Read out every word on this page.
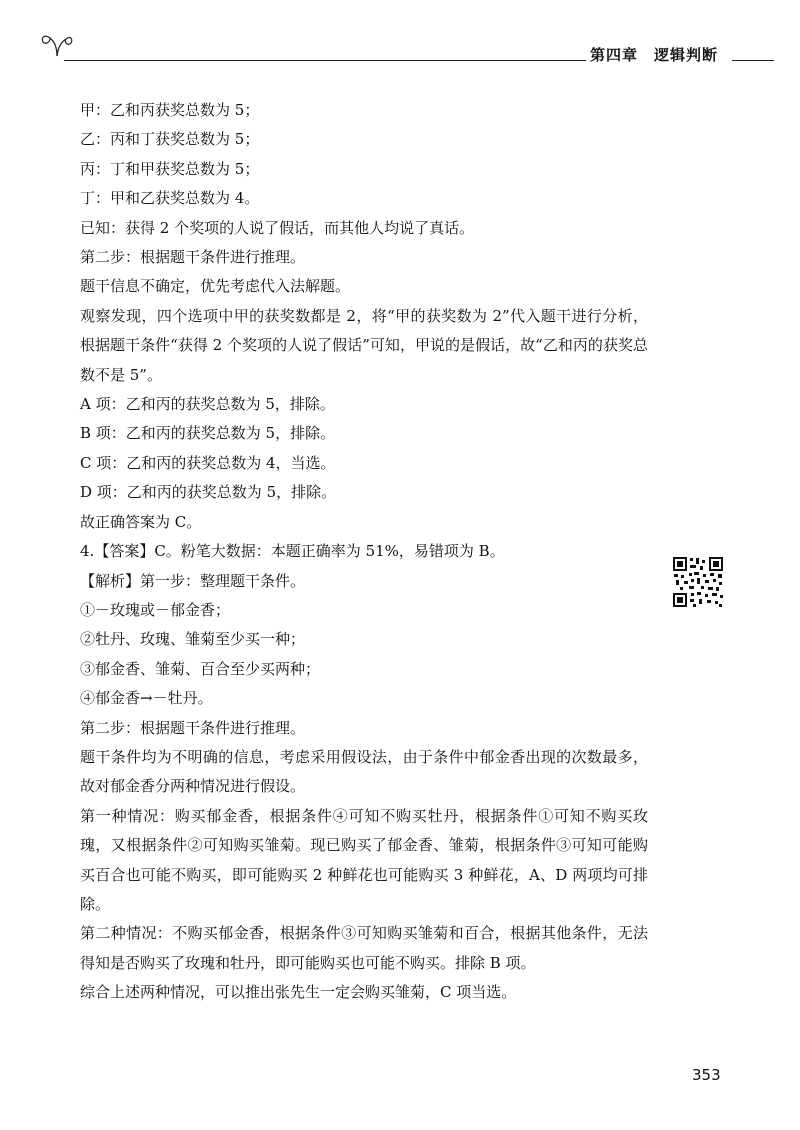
第四章 逻辑判断

甲：乙和丙获奖总数为 5；

乙：丙和丁获奖总数为 5；

丙：丁和甲获奖总数为 5；

丁：甲和乙获奖总数为 4。

已知：获得 2 个奖项的人说了假话，而其他人均说了真话。

第二步：根据题干条件进行推理。

题干信息不确定，优先考虑代入法解题。

观察发现，四个选项中甲的获奖数都是 2，将“甲的获奖数为 2”代入题干进行分析，根据题干条件“获得 2 个奖项的人说了假话”可知，甲说的是假话，故“乙和丙的获奖总数不是 5”。

A 项：乙和丙的获奖总数为 5，排除。

B 项：乙和丙的获奖总数为 5，排除。

C 项：乙和丙的获奖总数为 4，当选。

D 项：乙和丙的获奖总数为 5，排除。

故正确答案为 C。

4.【答案】C。粉笔大数据：本题正确率为 51%，易错项为 B。

【解析】第一步：整理题干条件。

①－玫瑰或－郁金香；

②牡丹、玫瑰、雏菊至少买一种；

③郁金香、雏菊、百合至少买两种；

④郁金香→－牡丹。

第二步：根据题干条件进行推理。

题干条件均为不明确的信息，考虑采用假设法，由于条件中郁金香出现的次数最多，故对郁金香分两种情况进行假设。

第一种情况：购买郁金香，根据条件④可知不购买牡丹，根据条件①可知不购买玫瑰，又根据条件②可知购买雏菊。现已购买了郁金香、雏菊，根据条件③可知可能购买百合也可能不购买，即可能购买 2 种鲜花也可能购买 3 种鲜花，A、D 两项均可排除。

第二种情况：不购买郁金香，根据条件③可知购买雏菊和百合，根据其他条件，无法得知是否购买了玫瑰和牡丹，即可能购买也可能不购买。排除 B 项。

综合上述两种情况，可以推出张先生一定会购买雏菊，C 项当选。

353
